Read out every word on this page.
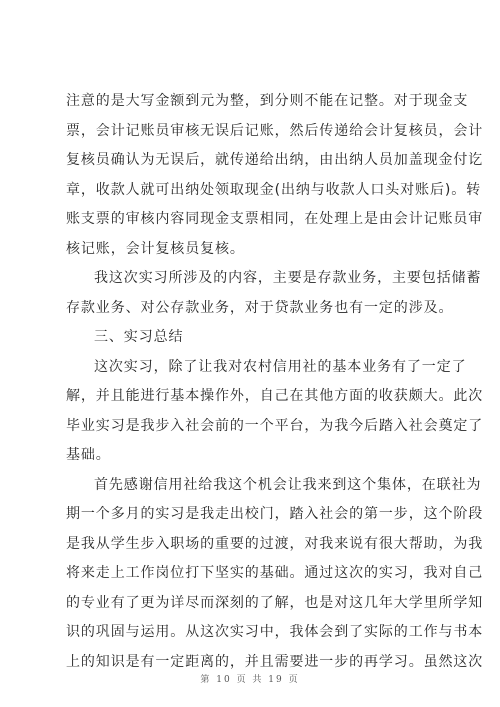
注意的是大写金额到元为整，到分则不能在记整。对于现金支
票，会计记账员审核无误后记账，然后传递给会计复核员，会计
复核员确认为无误后，就传递给出纳，由出纳人员加盖现金付讫
章，收款人就可出纳处领取现金(出纳与收款人口头对账后)。转
账支票的审核内容同现金支票相同，在处理上是由会计记账员审
核记账，会计复核员复核。
我这次实习所涉及的内容，主要是存款业务，主要包括储蓄
存款业务、对公存款业务，对于贷款业务也有一定的涉及。
三、实习总结
这次实习，除了让我对农村信用社的基本业务有了一定了
解，并且能进行基本操作外，自己在其他方面的收获颇大。此次
毕业实习是我步入社会前的一个平台，为我今后踏入社会奠定了
基础。
首先感谢信用社给我这个机会让我来到这个集体，在联社为
期一个多月的实习是我走出校门，踏入社会的第一步，这个阶段
是我从学生步入职场的重要的过渡，对我来说有很大帮助，为我
将来走上工作岗位打下坚实的基础。通过这次的实习，我对自己
的专业有了更为详尽而深刻的了解，也是对这几年大学里所学知
识的巩固与运用。从这次实习中，我体会到了实际的工作与书本
上的知识是有一定距离的，并且需要进一步的再学习。虽然这次
第 10 页 共 19 页
